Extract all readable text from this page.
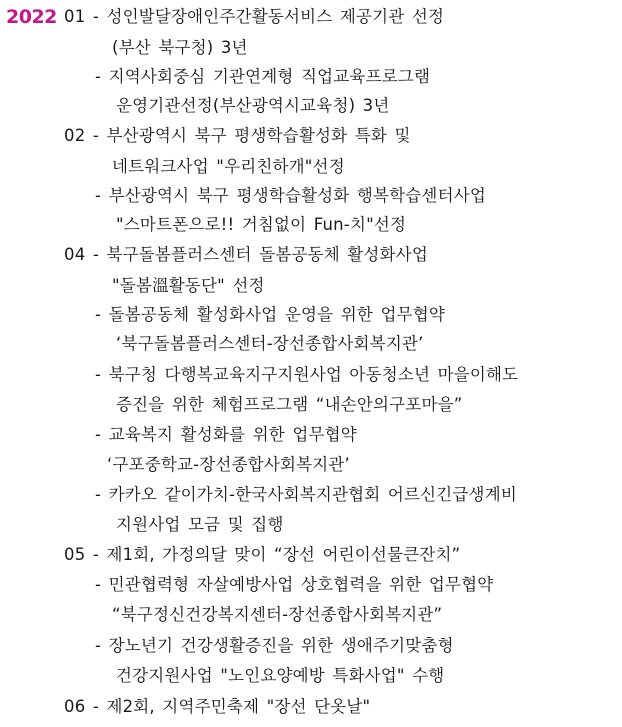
2022 01 - 성인발달장애인주간활동서비스 제공기관 선정
(부산 북구청) 3년
- 지역사회중심 기관연계형 직업교육프로그램
운영기관선정(부산광역시교육청) 3년
02 - 부산광역시 북구 평생학습활성화 특화 및
네트워크사업 "우리친하개"선정
- 부산광역시 북구 평생학습활성화 행복학습센터사업
"스마트폰으로!! 거침없이 Fun-치"선정
04 - 북구돌봄플러스센터 돌봄공동체 활성화사업
"돌봄溫활동단" 선정
- 돌봄공동체 활성화사업 운영을 위한 업무협약
‘북구돌봄플러스센터-장선종합사회복지관’
- 북구청 다행복교육지구지원사업 아동청소년 마을이해도
증진을 위한 체험프로그램 “내손안의구포마을”
- 교육복지 활성화를 위한 업무협약
‘구포중학교-장선종합사회복지관’
- 카카오 같이가치-한국사회복지관협회 어르신긴급생계비
지원사업 모금 및 집행
05 - 제1회, 가정의달 맞이 “장선 어린이선물큰잔치”
- 민관협력형 자살예방사업 상호협력을 위한 업무협약
“북구정신건강복지센터-장선종합사회복지관”
- 장노년기 건강생활증진을 위한 생애주기맞춤형
건강지원사업 "노인요양예방 특화사업" 수행
06 - 제2회, 지역주민축제 "장선 단옷날"
